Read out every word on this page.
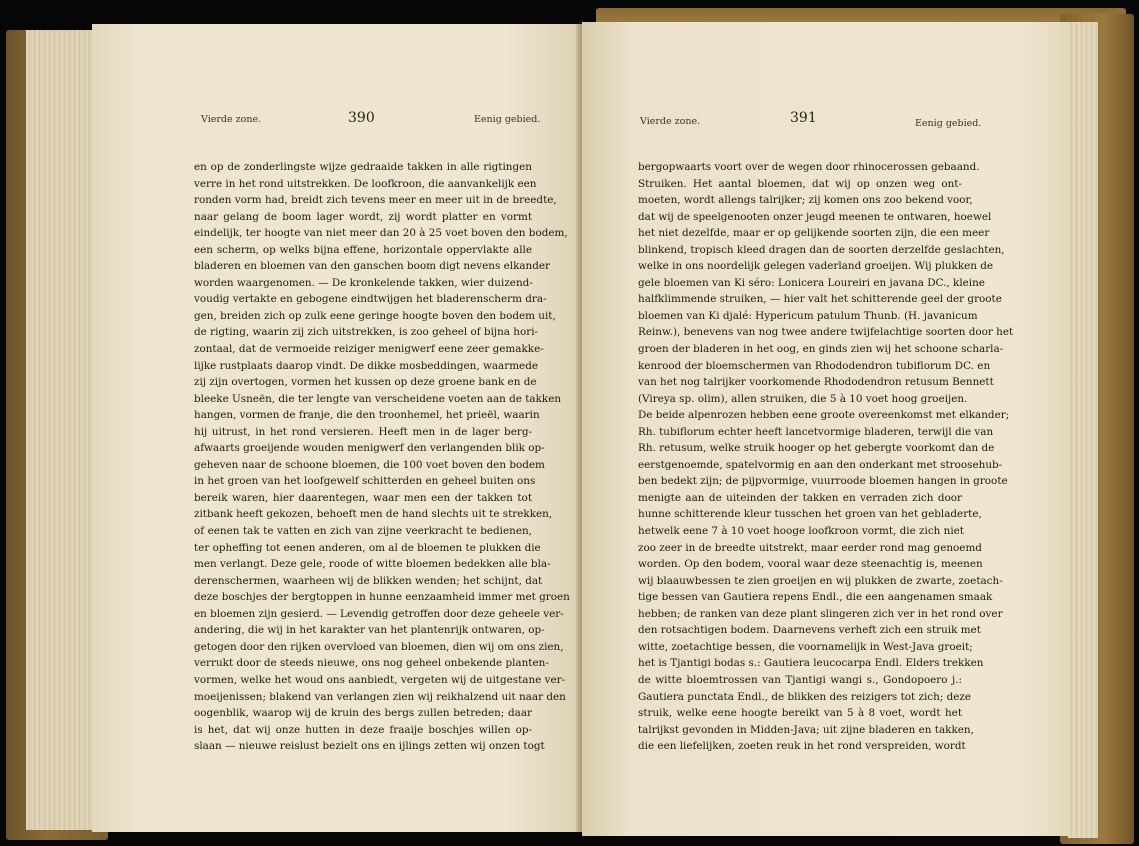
Vierde zone.	390	Eenig gebied.
en op de zonderlingste wijze gedraaide takken in alle rigtingen
verre in het rond uitstrekken. De loofkroon, die aanvankelijk een
ronden vorm had, breidt zich tevens meer en meer uit in de breedte,
naar gelang de boom lager wordt, zij wordt platter en vormt
eindelijk, ter hoogte van niet meer dan 20 à 25 voet boven den bodem,
een scherm, op welks bijna effene, horizontale oppervlakte alle
bladeren en bloemen van den ganschen boom digt nevens elkander
worden waargenomen. — De kronkelende takken, wier duizend-
voudig vertakte en gebogene eindtwijgen het bladerenscherm dra-
gen, breiden zich op zulk eene geringe hoogte boven den bodem uit,
de rigting, waarin zij zich uitstrekken, is zoo geheel of bijna hori-
zontaal, dat de vermoeide reiziger menigwerf eene zeer gemakke-
lijke rustplaats daarop vindt. De dikke mosbeddingen, waarmede
zij zijn overtogen, vormen het kussen op deze groene bank en de
bleeke Usneën, die ter lengte van verscheidene voeten aan de takken
hangen, vormen de franje, die den troonhemel, het prieël, waarin
hij uitrust, in het rond versieren. Heeft men in de lager berg-
afwaarts groeijende wouden menigwerf den verlangenden blik op-
geheven naar de schoone bloemen, die 100 voet boven den bodem
in het groen van het loofgewelf schitterden en geheel buiten ons
bereik waren, hier daarentegen, waar men een der takken tot
zitbank heeft gekozen, behoeft men de hand slechts uit te strekken,
of eenen tak te vatten en zich van zijne veerkracht te bedienen,
ter opheffing tot eenen anderen, om al de bloemen te plukken die
men verlangt. Deze gele, roode of witte bloemen bedekken alle bla-
derenschermen, waarheen wij de blikken wenden; het schijnt, dat
deze boschjes der bergtoppen in hunne eenzaamheid immer met groen
en bloemen zijn gesierd. — Levendig getroffen door deze geheele ver-
andering, die wij in het karakter van het plantenrijk ontwaren, op-
getogen door den rijken overvloed van bloemen, dien wij om ons zien,
verrukt door de steeds nieuwe, ons nog geheel onbekende planten-
vormen, welke het woud ons aanbiedt, vergeten wij de uitgestane ver-
moeijenissen; blakend van verlangen zien wij reikhalzend uit naar den
oogenblik, waarop wij de kruin des bergs zullen betreden; daar
is het, dat wij onze hutten in deze fraaije boschjes willen op-
slaan — nieuwe reislust bezielt ons en ijlings zetten wij onzen togt
Vierde zone.	391	Eenig gebied.
bergopwaarts voort over de wegen door rhinocerossen gebaand.
Struiken. Het aantal bloemen, dat wij op onzen weg ont-
moeten, wordt allengs talrijker; zij komen ons zoo bekend voor,
dat wij de speelgenooten onzer jeugd meenen te ontwaren, hoewel
het niet dezelfde, maar er op gelijkende soorten zijn, die een meer
blinkend, tropisch kleed dragen dan de soorten derzelfde geslachten,
welke in ons noordelijk gelegen vaderland groeijen. Wij plukken de
gele bloemen van Ki séro: Lonicera Loureiri en javana DC., kleine
halfklimmende struiken, — hier valt het schitterende geel der groote
bloemen van Ki djalé: Hypericum patulum Thunb. (H. javanicum
Reinw.), benevens van nog twee andere twijfelachtige soorten door het
groen der bladeren in het oog, en ginds zien wij het schoone scharla-
kenrood der bloemschermen van Rhododendron tubiflorum DC. en
van het nog talrijker voorkomende Rhododendron retusum Bennett
(Vireya sp. olim), allen struiken, die 5 à 10 voet hoog groeijen.
De beide alpenrozen hebben eene groote overeenkomst met elkander;
Rh. tubiflorum echter heeft lancetvormige bladeren, terwijl die van
Rh. retusum, welke struik hooger op het gebergte voorkomt dan de
eerstgenoemde, spatelvormig en aan den onderkant met stroosehub-
ben bedekt zijn; de pijpvormige, vuurroode bloemen hangen in groote
menigte aan de uiteinden der takken en verraden zich door
hunne schitterende kleur tusschen het groen van het gebladerte,
hetwelk eene 7 à 10 voet hooge loofkroon vormt, die zich niet
zoo zeer in de breedte uitstrekt, maar eerder rond mag genoemd
worden. Op den bodem, vooral waar deze steenachtig is, meenen
wij blaauwbessen te zien groeijen en wij plukken de zwarte, zoetach-
tige bessen van Gautiera repens Endl., die een aangenamen smaak
hebben; de ranken van deze plant slingeren zich ver in het rond over
den rotsachtigen bodem. Daarnevens verheft zich een struik met
witte, zoetachtige bessen, die voornamelijk in West-Java groeit;
het is Tjantigi bodas s.: Gautiera leucocarpa Endl. Elders trekken
de witte bloemtrossen van Tjantigi wangi s., Gondopoero j.:
Gautiera punctata Endl., de blikken des reizigers tot zich; deze
struik, welke eene hoogte bereikt van 5 à 8 voet, wordt het
talrijkst gevonden in Midden-Java; uit zijne bladeren en takken,
die een liefelijken, zoeten reuk in het rond verspreiden, wordt
